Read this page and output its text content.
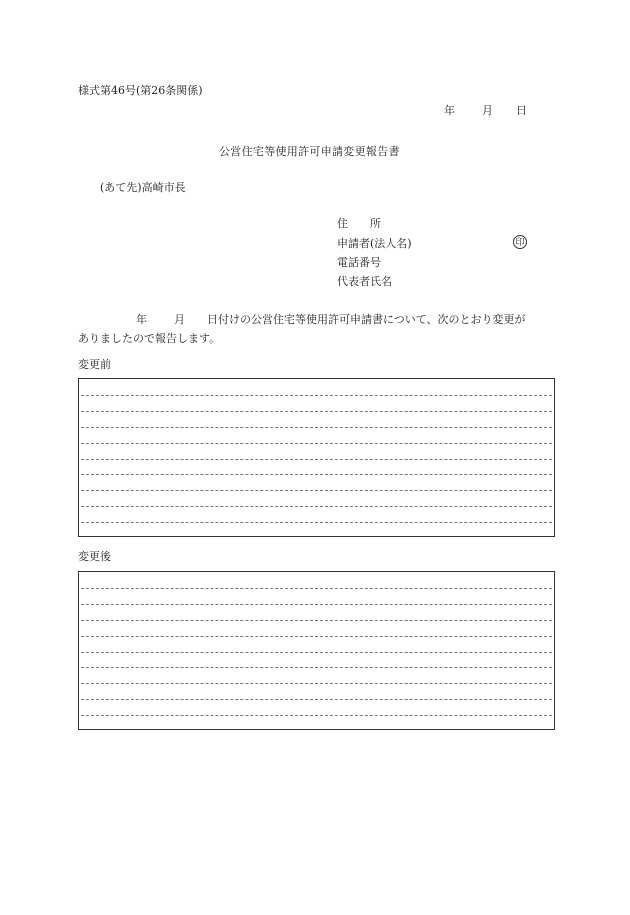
様式第46号(第26条関係)
年 月 日
公営住宅等使用許可申請変更報告書
(あて先)高崎市長
住　　所
申請者(法人名)	印
電話番号
代表者氏名
年 月 日付けの公営住宅等使用許可申請書について、次のとおり変更が
ありましたので報告します。
変更前
変更後
